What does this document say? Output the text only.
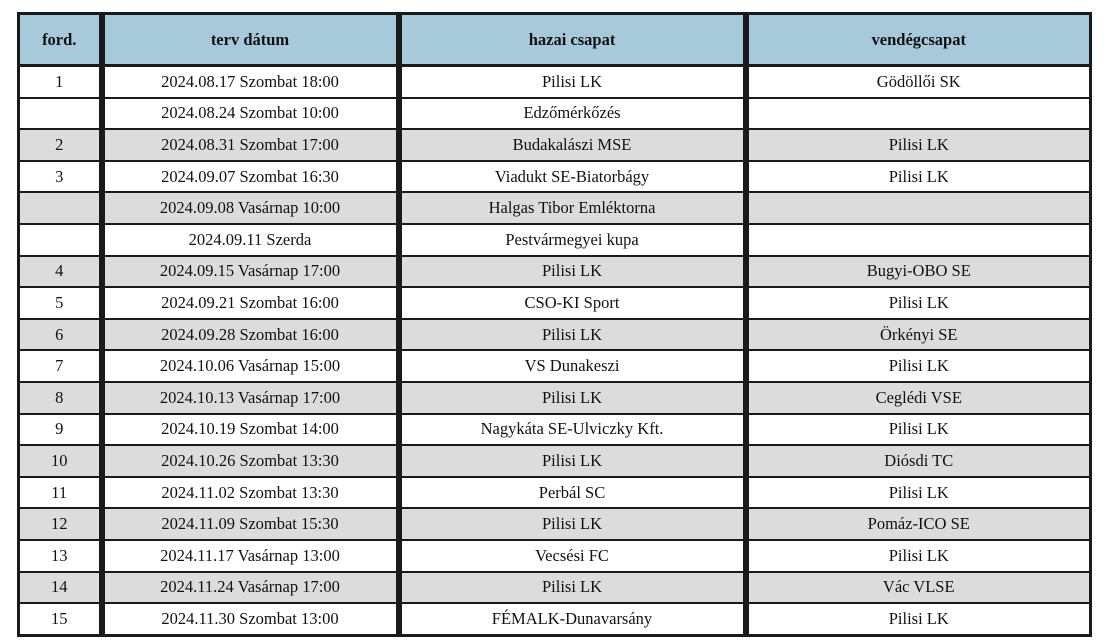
ford.	terv dátum	hazai csapat	vendégcsapat
1	2024.08.17 Szombat 18:00	Pilisi LK	Gödöllői SK
	2024.08.24 Szombat 10:00	Edzőmérkőzés	
2	2024.08.31 Szombat 17:00	Budakalászi MSE	Pilisi LK
3	2024.09.07 Szombat 16:30	Viadukt SE-Biatorbágy	Pilisi LK
	2024.09.08 Vasárnap 10:00	Halgas Tibor Emléktorna	
	2024.09.11 Szerda	Pestvármegyei kupa	
4	2024.09.15 Vasárnap 17:00	Pilisi LK	Bugyi-OBO SE
5	2024.09.21 Szombat 16:00	CSO-KI Sport	Pilisi LK
6	2024.09.28 Szombat 16:00	Pilisi LK	Örkényi SE
7	2024.10.06 Vasárnap 15:00	VS Dunakeszi	Pilisi LK
8	2024.10.13 Vasárnap 17:00	Pilisi LK	Ceglédi VSE
9	2024.10.19 Szombat 14:00	Nagykáta SE-Ulviczky Kft.	Pilisi LK
10	2024.10.26 Szombat 13:30	Pilisi LK	Diósdi TC
11	2024.11.02 Szombat 13:30	Perbál SC	Pilisi LK
12	2024.11.09 Szombat 15:30	Pilisi LK	Pomáz-ICO SE
13	2024.11.17 Vasárnap 13:00	Vecsési FC	Pilisi LK
14	2024.11.24 Vasárnap 17:00	Pilisi LK	Vác VLSE
15	2024.11.30 Szombat 13:00	FÉMALK-Dunavarsány	Pilisi LK
